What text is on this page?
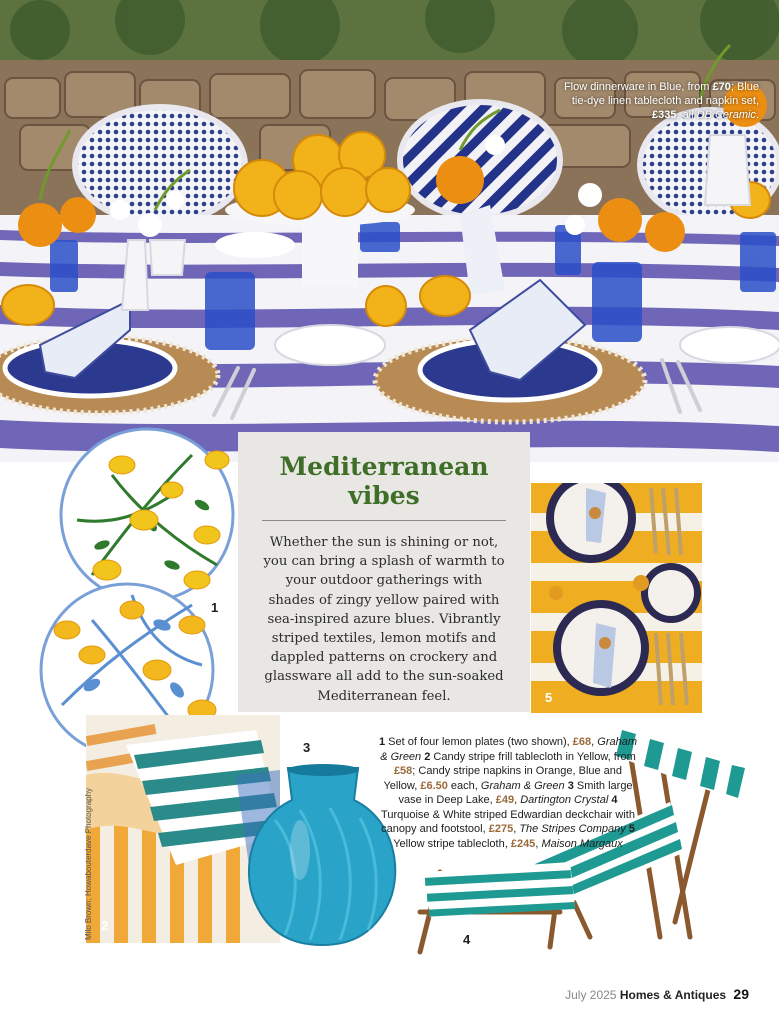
Flow dinnerware in Blue, from £70; Blue tie-dye linen tablecloth and napkin set, £335, all DB Ceramic.
Mediterranean
vibes

Whether the sun is shining or not, you can bring a splash of warmth to your outdoor gatherings with shades of zingy yellow paired with sea-inspired azure blues. Vibrantly striped textiles, lemon motifs and dappled patterns on crockery and glassware all add to the sun-soaked Mediterranean feel.

1
5
2
3
4
1 Set of four lemon plates (two shown), £68, Graham & Green 2 Candy stripe frill tablecloth in Yellow, from £58; Candy stripe napkins in Orange, Blue and Yellow, £6.50 each, Graham & Green 3 Smith large vase in Deep Lake, £49, Dartington Crystal 4 Turquoise & White striped Edwardian deckchair with canopy and footstool, £275, The Stripes Company 5 Yellow stripe tablecloth, £245, Maison Margaux
Milo Brown; Howabouterdave Photography
July 2025 Homes & Antiques 29
